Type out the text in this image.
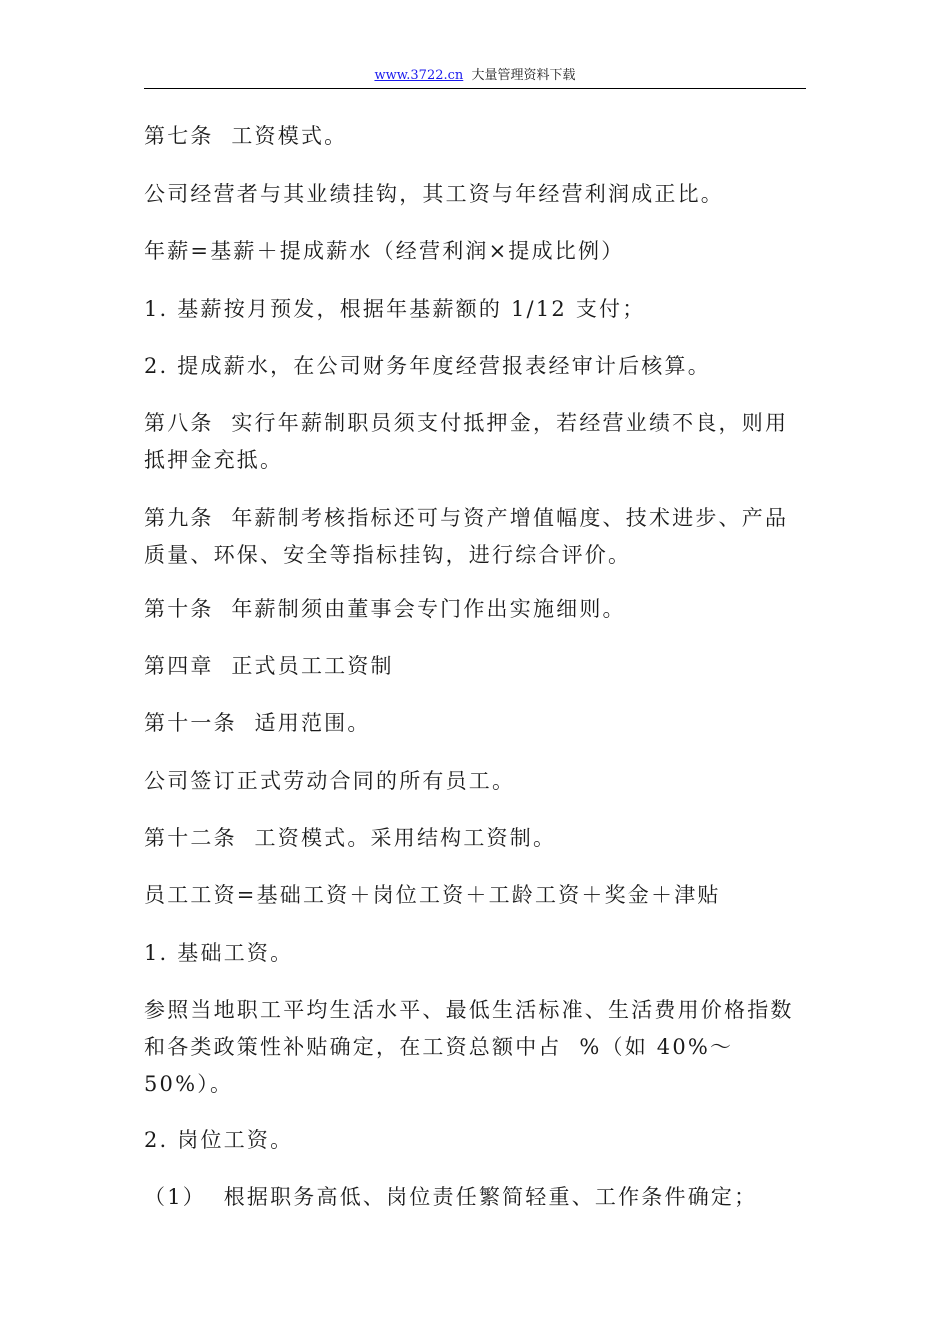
www.3722.cn 大量管理资料下载

第七条  工资模式。

公司经营者与其业绩挂钩，其工资与年经营利润成正比。

年薪=基薪＋提成薪水（经营利润×提成比例）

1. 基薪按月预发，根据年基薪额的 1/12 支付；

2. 提成薪水，在公司财务年度经营报表经审计后核算。

第八条  实行年薪制职员须支付抵押金，若经营业绩不良，则用抵押金充抵。

第九条  年薪制考核指标还可与资产增值幅度、技术进步、产品质量、环保、安全等指标挂钩，进行综合评价。

第十条  年薪制须由董事会专门作出实施细则。

第四章  正式员工工资制

第十一条  适用范围。

公司签订正式劳动合同的所有员工。

第十二条  工资模式。采用结构工资制。

员工工资=基础工资＋岗位工资＋工龄工资＋奖金＋津贴

1. 基础工资。

参照当地职工平均生活水平、最低生活标准、生活费用价格指数和各类政策性补贴确定，在工资总额中占  %（如 40%～50%）。

2. 岗位工资。

（1）  根据职务高低、岗位责任繁简轻重、工作条件确定；
